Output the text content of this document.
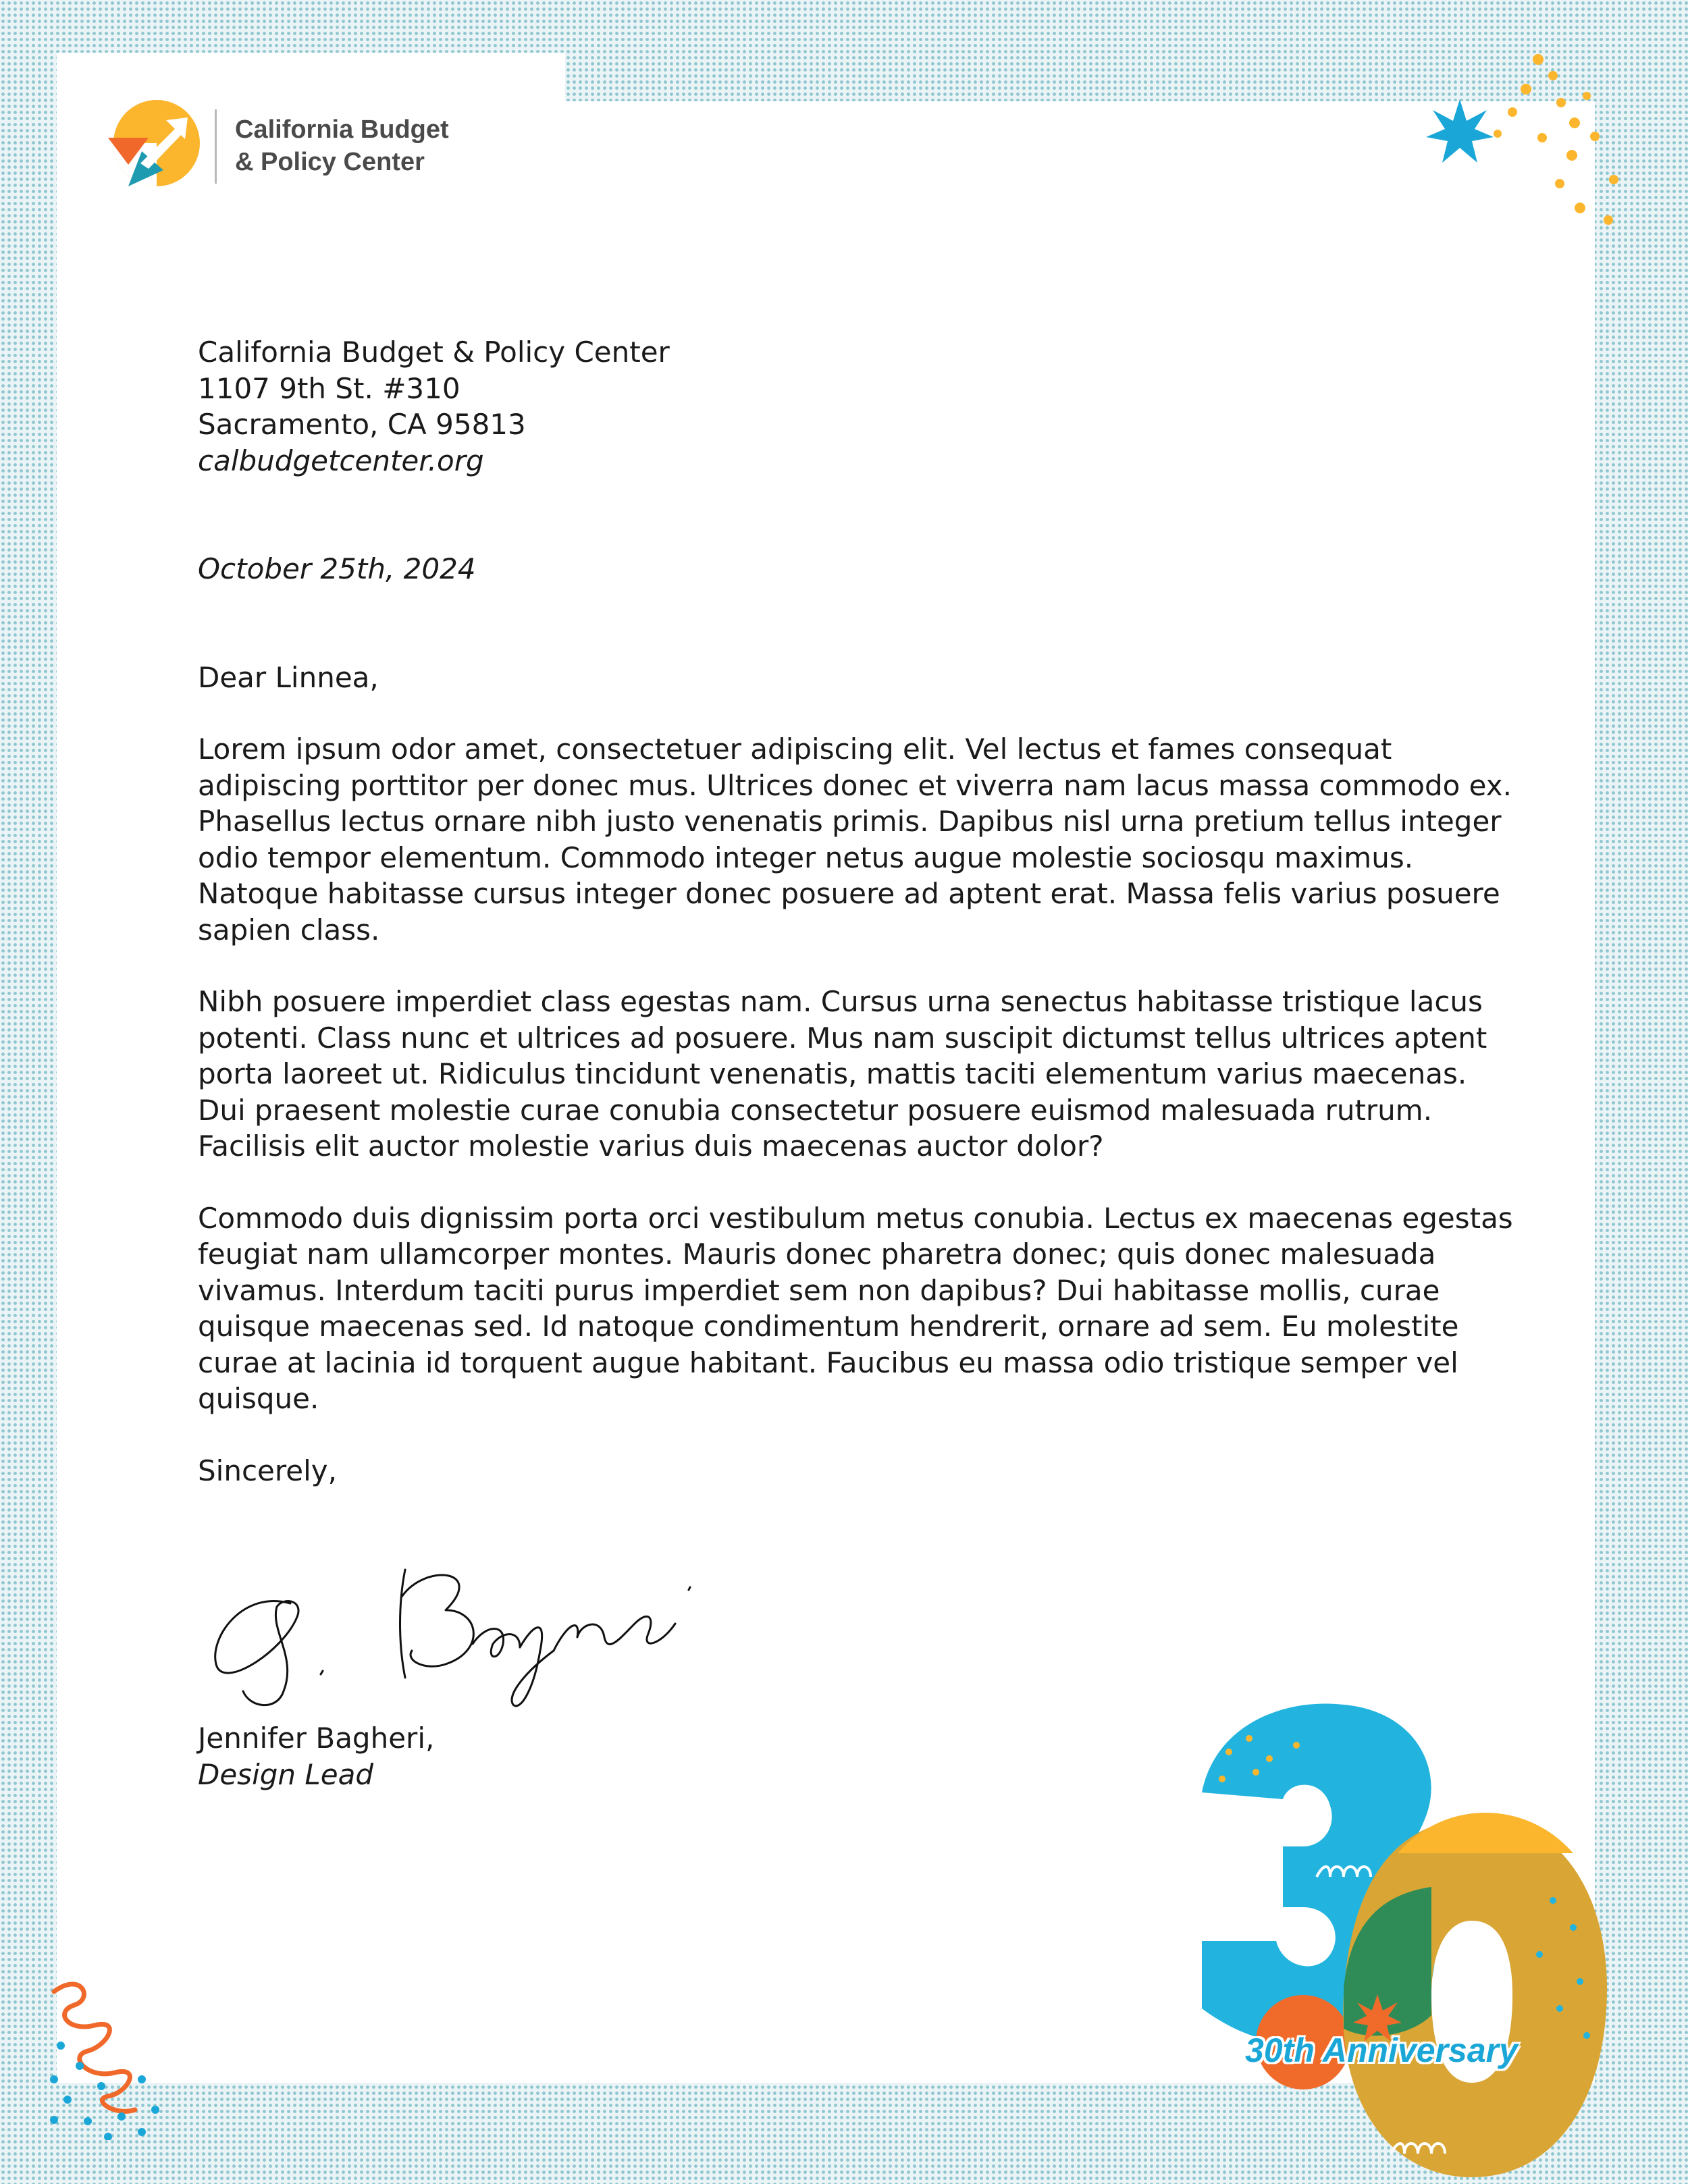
California Budget
& Policy Center

California Budget & Policy Center
1107 9th St. #310
Sacramento, CA 95813
calbudgetcenter.org

October 25th, 2024

Dear Linnea,

Lorem ipsum odor amet, consectetuer adipiscing elit. Vel lectus et fames consequat adipiscing porttitor per donec mus. Ultrices donec et viverra nam lacus massa commodo ex. Phasellus lectus ornare nibh justo venenatis primis. Dapibus nisl urna pretium tellus integer odio tempor elementum. Commodo integer netus augue molestie sociosqu maximus. Natoque habitasse cursus integer donec posuere ad aptent erat. Massa felis varius posuere sapien class.

Nibh posuere imperdiet class egestas nam. Cursus urna senectus habitasse tristique lacus potenti. Class nunc et ultrices ad posuere. Mus nam suscipit dictumst tellus ultrices aptent porta laoreet ut. Ridiculus tincidunt venenatis, mattis taciti elementum varius maecenas. Dui praesent molestie curae conubia consectetur posuere euismod malesuada rutrum. Facilisis elit auctor molestie varius duis maecenas auctor dolor?

Commodo duis dignissim porta orci vestibulum metus conubia. Lectus ex maecenas egestas feugiat nam ullamcorper montes. Mauris donec pharetra donec; quis donec malesuada vivamus. Interdum taciti purus imperdiet sem non dapibus? Dui habitasse mollis, curae quisque maecenas sed. Id natoque condimentum hendrerit, ornare ad sem. Eu molestite curae at lacinia id torquent augue habitant. Faucibus eu massa odio tristique semper vel quisque.

Sincerely,

Jennifer Bagheri,

Design Lead

30th Anniversary
